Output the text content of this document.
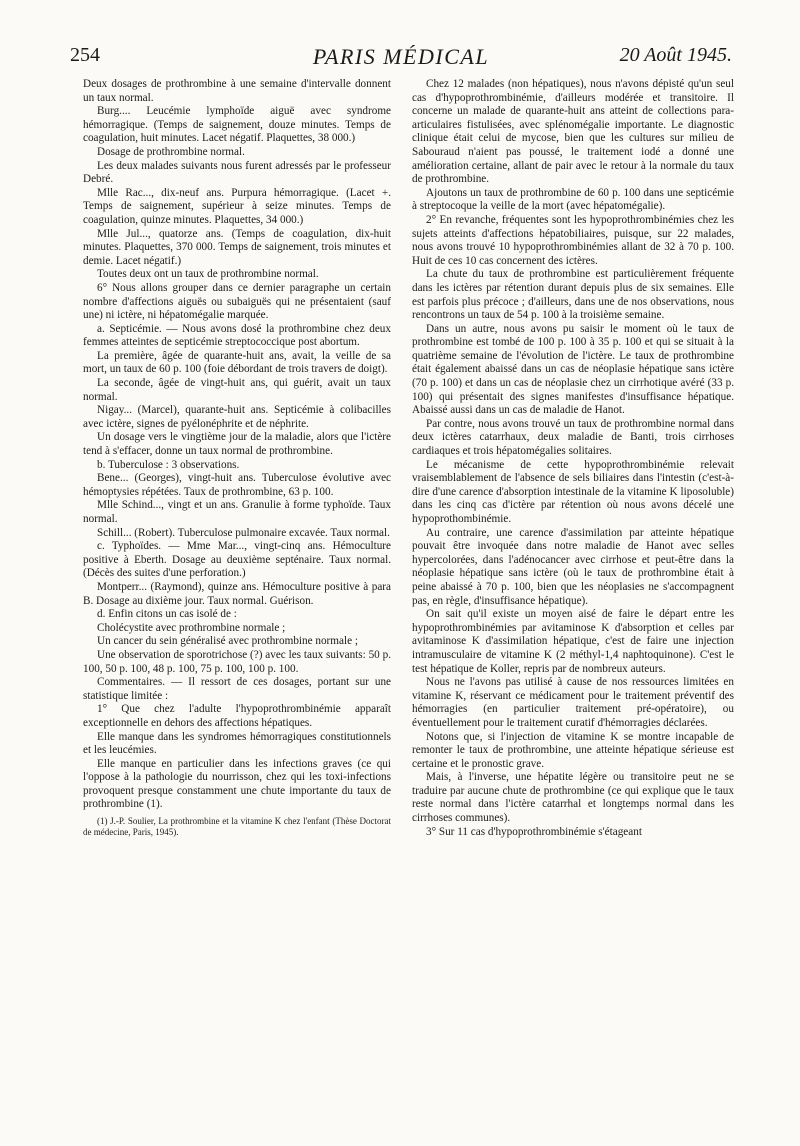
254	PARIS MÉDICAL	20 Août 1945.

Deux dosages de prothrombine à une semaine d'intervalle donnent un taux normal.

Burg.... Leucémie lymphoïde aiguë avec syndrome hémorragique. (Temps de saignement, douze minutes. Temps de coagulation, huit minutes. Lacet négatif. Plaquettes, 38 000.)

Dosage de prothrombine normal.

Les deux malades suivants nous furent adressés par le professeur Debré.

Mlle Rac..., dix-neuf ans. Purpura hémorragique. (Lacet +. Temps de saignement, supérieur à seize minutes. Temps de coagulation, quinze minutes. Plaquettes, 34 000.)

Mlle Jul..., quatorze ans. (Temps de coagulation, dix-huit minutes. Plaquettes, 370 000. Temps de saignement, trois minutes et demie. Lacet négatif.)

Toutes deux ont un taux de prothrombine normal.

6° Nous allons grouper dans ce dernier paragraphe un certain nombre d'affections aiguës ou subaiguës qui ne présentaient (sauf une) ni ictère, ni hépatomégalie marquée.

a. Septicémie. — Nous avons dosé la prothrombine chez deux femmes atteintes de septicémie streptococcique post abortum.

La première, âgée de quarante-huit ans, avait, la veille de sa mort, un taux de 60 p. 100 (foie débordant de trois travers de doigt).

La seconde, âgée de vingt-huit ans, qui guérit, avait un taux normal.

Nigay... (Marcel), quarante-huit ans. Septicémie à colibacilles avec ictère, signes de pyélonéphrite et de néphrite.

Un dosage vers le vingtième jour de la maladie, alors que l'ictère tend à s'effacer, donne un taux normal de prothrombine.

b. Tuberculose : 3 observations.

Bene... (Georges), vingt-huit ans. Tuberculose évolutive avec hémoptysies répétées. Taux de prothrombine, 63 p. 100.

Mlle Schind..., vingt et un ans. Granulie à forme typhoïde. Taux normal.

Schill... (Robert). Tuberculose pulmonaire excavée. Taux normal.

c. Typhoïdes. — Mme Mar..., vingt-cinq ans. Hémoculture positive à Eberth. Dosage au deuxième septénaire. Taux normal. (Décès des suites d'une perforation.)

Montperr... (Raymond), quinze ans. Hémoculture positive à para B. Dosage au dixième jour. Taux normal. Guérison.

d. Enfin citons un cas isolé de :

Cholécystite avec prothrombine normale ;

Un cancer du sein généralisé avec prothrombine normale ;

Une observation de sporotrichose (?) avec les taux suivants: 50 p. 100, 50 p. 100, 48 p. 100, 75 p. 100, 100 p. 100.

Commentaires. — Il ressort de ces dosages, portant sur une statistique limitée :

1° Que chez l'adulte l'hypoprothrombinémie apparaît exceptionnelle en dehors des affections hépatiques.

Elle manque dans les syndromes hémorragiques constitutionnels et les leucémies.

Elle manque en particulier dans les infections graves (ce qui l'oppose à la pathologie du nourrisson, chez qui les toxi-infections provoquent presque constamment une chute importante du taux de prothrombine (1).

(1) J.-P. Soulier, La prothrombine et la vitamine K chez l'enfant (Thèse Doctorat de médecine, Paris, 1945).

Chez 12 malades (non hépatiques), nous n'avons dépisté qu'un seul cas d'hypoprothrombinémie, d'ailleurs modérée et transitoire. Il concerne un malade de quarante-huit ans atteint de collections para-articulaires fistulisées, avec splénomégalie importante. Le diagnostic clinique était celui de mycose, bien que les cultures sur milieu de Sabouraud n'aient pas poussé, le traitement iodé a donné une amélioration certaine, allant de pair avec le retour à la normale du taux de prothrombine.

Ajoutons un taux de prothrombine de 60 p. 100 dans une septicémie à streptocoque la veille de la mort (avec hépatomégalie).

2° En revanche, fréquentes sont les hypoprothrombinémies chez les sujets atteints d'affections hépatobiliaires, puisque, sur 22 malades, nous avons trouvé 10 hypoprothrombinémies allant de 32 à 70 p. 100. Huit de ces 10 cas concernent des ictères.

La chute du taux de prothrombine est particulièrement fréquente dans les ictères par rétention durant depuis plus de six semaines. Elle est parfois plus précoce ; d'ailleurs, dans une de nos observations, nous rencontrons un taux de 54 p. 100 à la troisième semaine.

Dans un autre, nous avons pu saisir le moment où le taux de prothrombine est tombé de 100 p. 100 à 35 p. 100 et qui se situait à la quatrième semaine de l'évolution de l'ictère. Le taux de prothrombine était également abaissé dans un cas de néoplasie hépatique sans ictère (70 p. 100) et dans un cas de néoplasie chez un cirrhotique avéré (33 p. 100) qui présentait des signes manifestes d'insuffisance hépatique. Abaissé aussi dans un cas de maladie de Hanot.

Par contre, nous avons trouvé un taux de prothrombine normal dans deux ictères catarrhaux, deux maladie de Banti, trois cirrhoses cardiaques et trois hépatomégalies solitaires.

Le mécanisme de cette hypoprothrombinémie relevait vraisemblablement de l'absence de sels biliaires dans l'intestin (c'est-à-dire d'une carence d'absorption intestinale de la vitamine K liposoluble) dans les cinq cas d'ictère par rétention où nous avons décelé une hypoprothombinémie.

Au contraire, une carence d'assimilation par atteinte hépatique pouvait être invoquée dans notre maladie de Hanot avec selles hypercolorées, dans l'adénocancer avec cirrhose et peut-être dans la néoplasie hépatique sans ictère (où le taux de prothrombine était à peine abaissé à 70 p. 100, bien que les néoplasies ne s'accompagnent pas, en règle, d'insuffisance hépatique).

On sait qu'il existe un moyen aisé de faire le départ entre les hypoprothrombinémies par avitaminose K d'absorption et celles par avitaminose K d'assimilation hépatique, c'est de faire une injection intramusculaire de vitamine K (2 méthyl-1,4 naphtoquinone). C'est le test hépatique de Koller, repris par de nombreux auteurs.

Nous ne l'avons pas utilisé à cause de nos ressources limitées en vitamine K, réservant ce médicament pour le traitement préventif des hémorragies (en particulier traitement pré-opératoire), ou éventuellement pour le traitement curatif d'hémorragies déclarées.

Notons que, si l'injection de vitamine K se montre incapable de remonter le taux de prothrombine, une atteinte hépatique sérieuse est certaine et le pronostic grave.

Mais, à l'inverse, une hépatite légère ou transitoire peut ne se traduire par aucune chute de prothrombine (ce qui explique que le taux reste normal dans l'ictère catarrhal et longtemps normal dans les cirrhoses communes).

3° Sur 11 cas d'hypoprothrombinémie s'étageant
